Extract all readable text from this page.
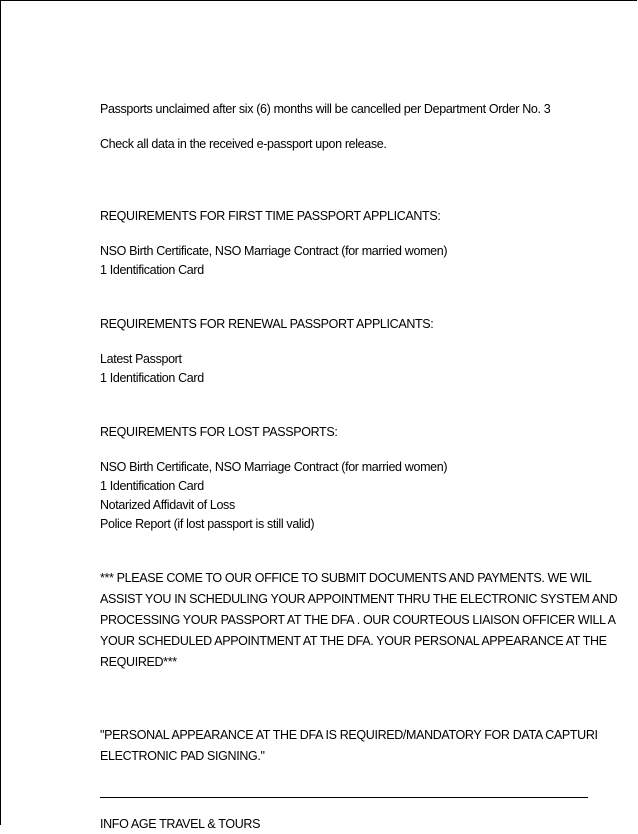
Passports unclaimed after six (6) months will be cancelled per Department Order No. 3
Check all data in the received e-passport upon release.
REQUIREMENTS FOR FIRST TIME PASSPORT APPLICANTS:
NSO Birth Certificate, NSO Marriage Contract (for married women)
1 Identification Card
REQUIREMENTS FOR RENEWAL PASSPORT APPLICANTS:
Latest Passport
1 Identification Card
REQUIREMENTS FOR LOST PASSPORTS:
NSO Birth Certificate, NSO Marriage Contract (for married women)
1 Identification Card
Notarized Affidavit of Loss
Police Report (if lost passport is still valid)
*** PLEASE COME TO OUR OFFICE TO SUBMIT DOCUMENTS AND PAYMENTS. WE WIL
ASSIST YOU IN SCHEDULING YOUR APPOINTMENT THRU THE ELECTRONIC SYSTEM AND
PROCESSING YOUR PASSPORT AT THE DFA . OUR COURTEOUS LIAISON OFFICER WILL A
YOUR SCHEDULED APPOINTMENT AT THE DFA. YOUR PERSONAL APPEARANCE AT THE
REQUIRED***
"PERSONAL APPEARANCE AT THE DFA IS REQUIRED/MANDATORY FOR DATA CAPTURI
ELECTRONIC PAD SIGNING."
INFO AGE TRAVEL & TOURS
